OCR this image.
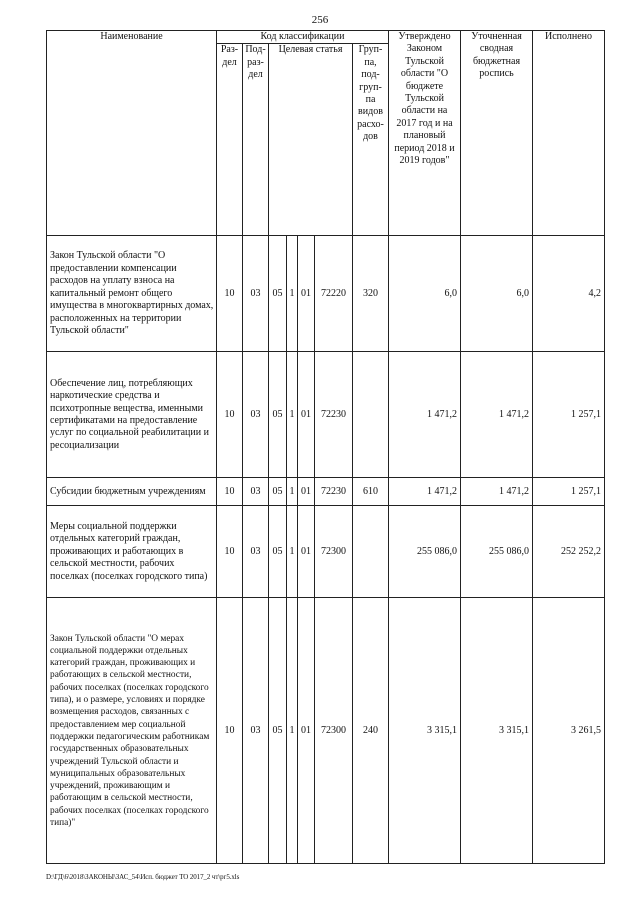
256
Наименование	Код классификации							Утверждено Законом Тульской области "О бюджете Тульской области на 2017 год и на плановый период 2018 и 2019 годов"	Уточненная сводная бюджетная роспись	Исполнено
	Раз-дел	Под-раз-дел	Целевая статья				Груп-па, под-груп-па видов расхо-дов			
Закон Тульской области "О предоставлении компенсации расходов на уплату взноса на капитальный ремонт общего имущества в многоквартирных домах, расположенных на территории Тульской области"	10	03	05	1	01	72220	320	6,0	6,0	4,2
Обеспечение лиц, потребляющих наркотические средства и психотропные вещества, именными сертификатами на предоставление услуг по социальной реабилитации и ресоциализации	10	03	05	1	01	72230		1 471,2	1 471,2	1 257,1
Субсидии бюджетным учреждениям	10	03	05	1	01	72230	610	1 471,2	1 471,2	1 257,1
Меры социальной поддержки отдельных категорий граждан, проживающих и работающих в сельской местности, рабочих поселках (поселках городского типа)	10	03	05	1	01	72300		255 086,0	255 086,0	252 252,2
Закон Тульской области "О мерах социальной поддержки отдельных категорий граждан, проживающих и работающих в сельской местности, рабочих поселках (поселках городского типа), и о размере, условиях и порядке возмещения расходов, связанных с предоставлением мер социальной поддержки педагогическим работникам государственных образовательных учреждений Тульской области и муниципальных образовательных учреждений, проживающим и работающим в сельской местности, рабочих поселках (поселках городского типа)"	10	03	05	1	01	72300	240	3 315,1	3 315,1	3 261,5
D:\ГД\6\2018\ЗАКОНЫ\ЗАС_54\Исп. бюджет ТО 2017_2 чт\рг5.xls
